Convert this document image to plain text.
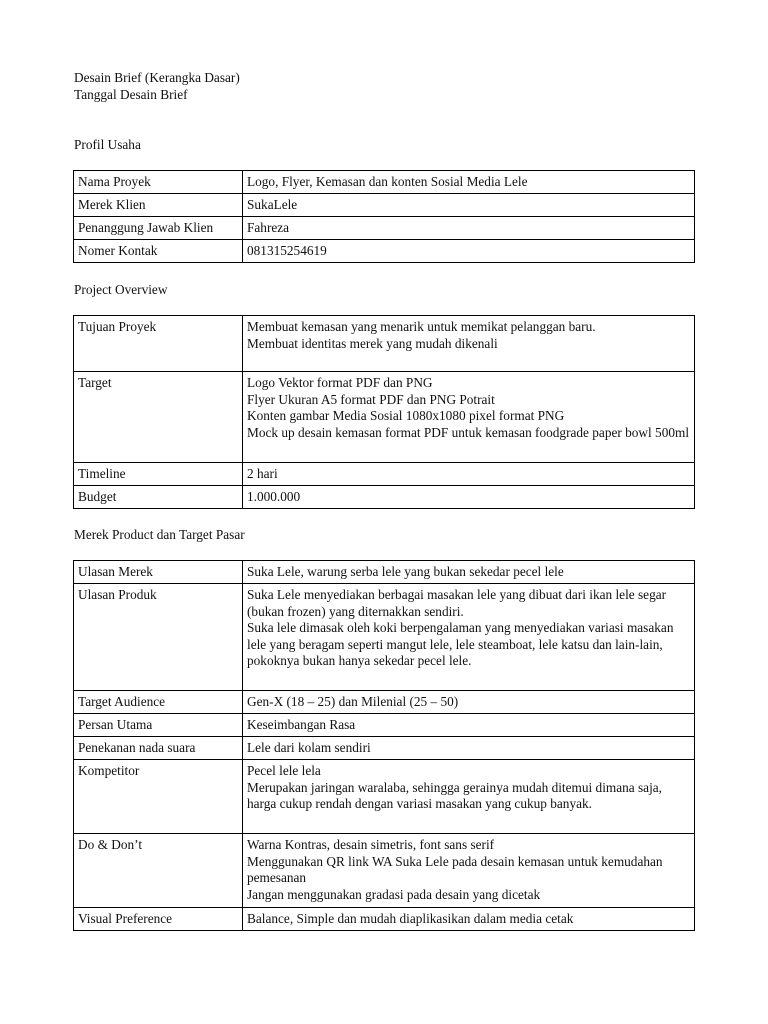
Desain Brief (Kerangka Dasar)
Tanggal Desain Brief
Profil Usaha
Nama Proyek	Logo, Flyer, Kemasan dan konten Sosial Media Lele

Merek Klien	SukaLele

Penanggung Jawab Klien	Fahreza

Nomer Kontak	081315254619
Project Overview
Tujuan Proyek	Membuat kemasan yang menarik untuk memikat pelanggan baru.
Membuat identitas merek yang mudah dikenali

Target	Logo Vektor format PDF dan PNG
Flyer Ukuran A5 format PDF dan PNG Potrait
Konten gambar Media Sosial 1080x1080 pixel format PNG
Mock up desain kemasan format PDF untuk kemasan foodgrade paper bowl 500ml

Timeline	2 hari

Budget	1.000.000
Merek Product dan Target Pasar
Ulasan Merek	Suka Lele, warung serba lele yang bukan sekedar pecel lele

Ulasan Produk	Suka Lele menyediakan berbagai masakan lele yang dibuat dari ikan lele segar (bukan frozen) yang diternakkan sendiri.
Suka lele dimasak oleh koki berpengalaman yang menyediakan variasi masakan lele yang beragam seperti mangut lele, lele steamboat, lele katsu dan lain-lain, pokoknya bukan hanya sekedar pecel lele.

Target Audience	Gen-X (18 – 25) dan Milenial (25 – 50)

Persan Utama	Keseimbangan Rasa

Penekanan nada suara	Lele dari kolam sendiri

Kompetitor	Pecel lele lela
Merupakan jaringan waralaba, sehingga gerainya mudah ditemui dimana saja, harga cukup rendah dengan variasi masakan yang cukup banyak.

Do & Don’t	Warna Kontras, desain simetris, font sans serif
Menggunakan QR link WA Suka Lele pada desain kemasan untuk kemudahan pemesanan
Jangan menggunakan gradasi pada desain yang dicetak

Visual Preference	Balance, Simple dan mudah diaplikasikan dalam media cetak
